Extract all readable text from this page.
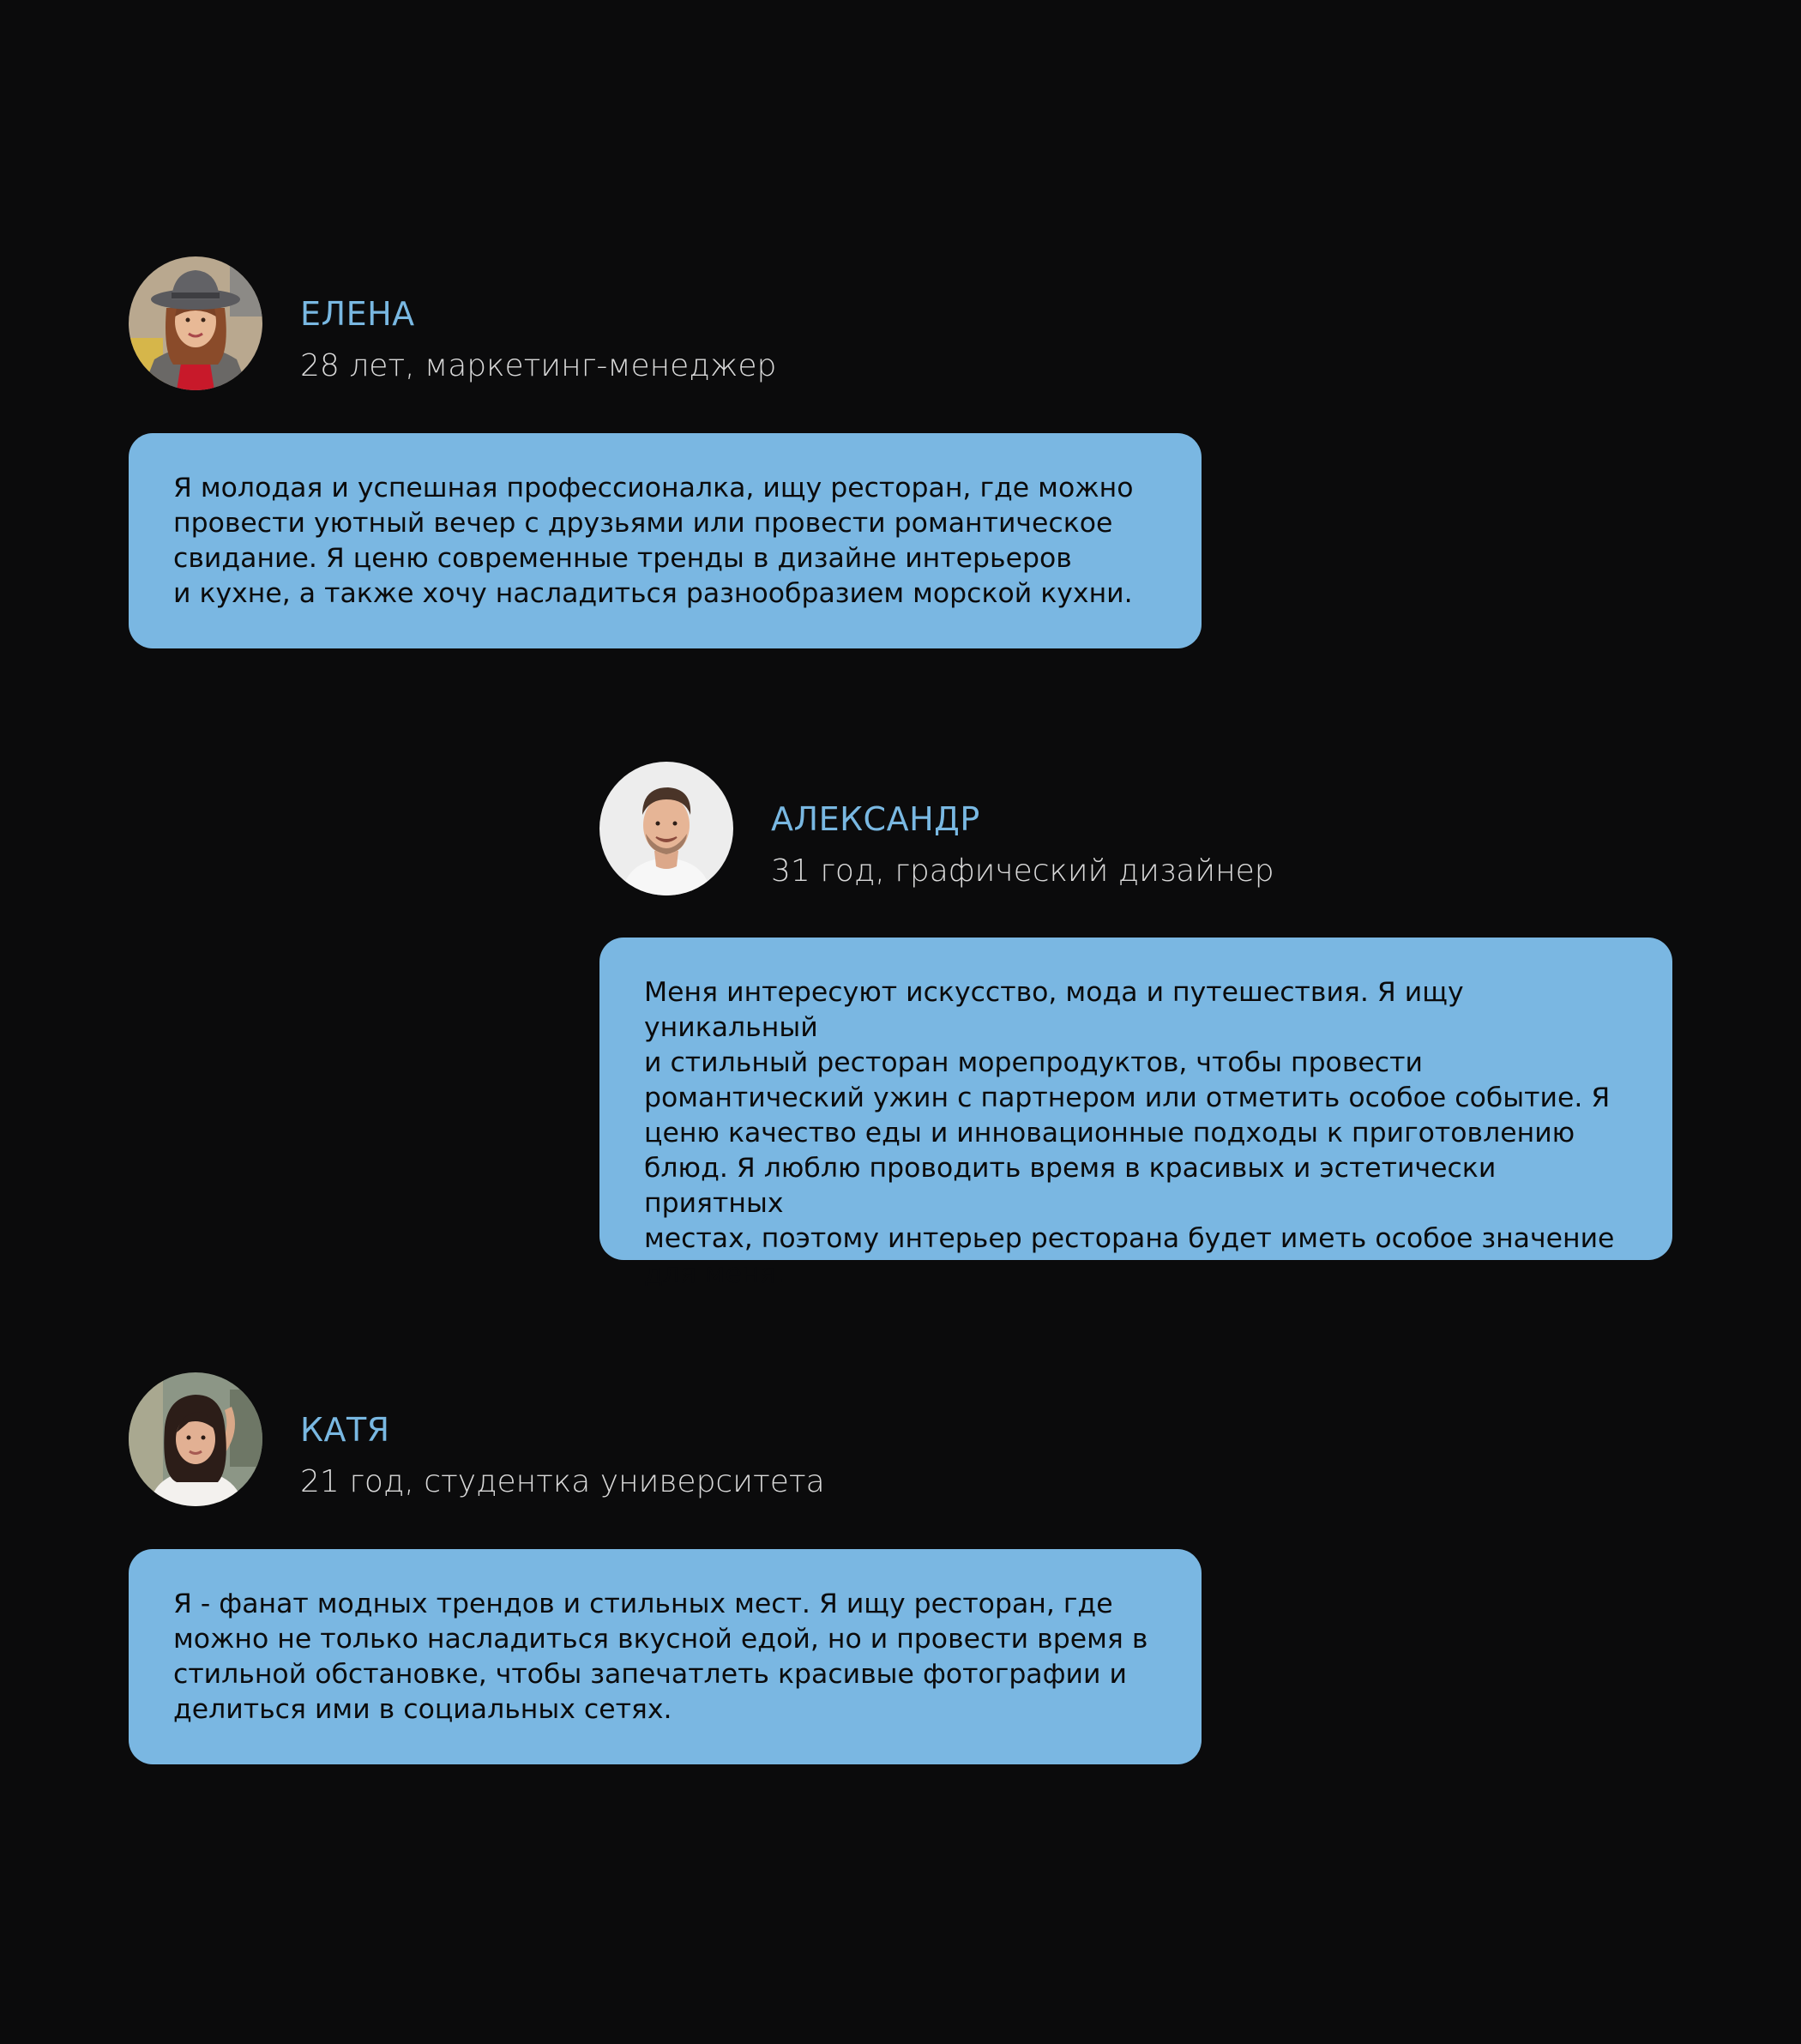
ЕЛЕНА

28 лет, маркетинг-менеджер

Я молодая и успешная профессионалка, ищу ресторан, где можно
провести уютный вечер с друзьями или провести романтическое
свидание. Я ценю современные тренды в дизайне интерьеров
и кухне, а также хочу насладиться разнообразием морской кухни.

АЛЕКСАНДР

31 год, графический дизайнер

Меня интересуют искусство, мода и путешествия. Я ищу уникальный
и стильный ресторан морепродуктов, чтобы провести
романтический ужин с партнером или отметить особое событие. Я
ценю качество еды и инновационные подходы к приготовлению
блюд. Я люблю проводить время в красивых и эстетически приятных
местах, поэтому интерьер ресторана будет иметь особое значение
для меня.

КАТЯ

21 год, студентка университета

Я - фанат модных трендов и стильных мест. Я ищу ресторан, где
можно не только насладиться вкусной едой, но и провести время в
стильной обстановке, чтобы запечатлеть красивые фотографии и
делиться ими в социальных сетях.
